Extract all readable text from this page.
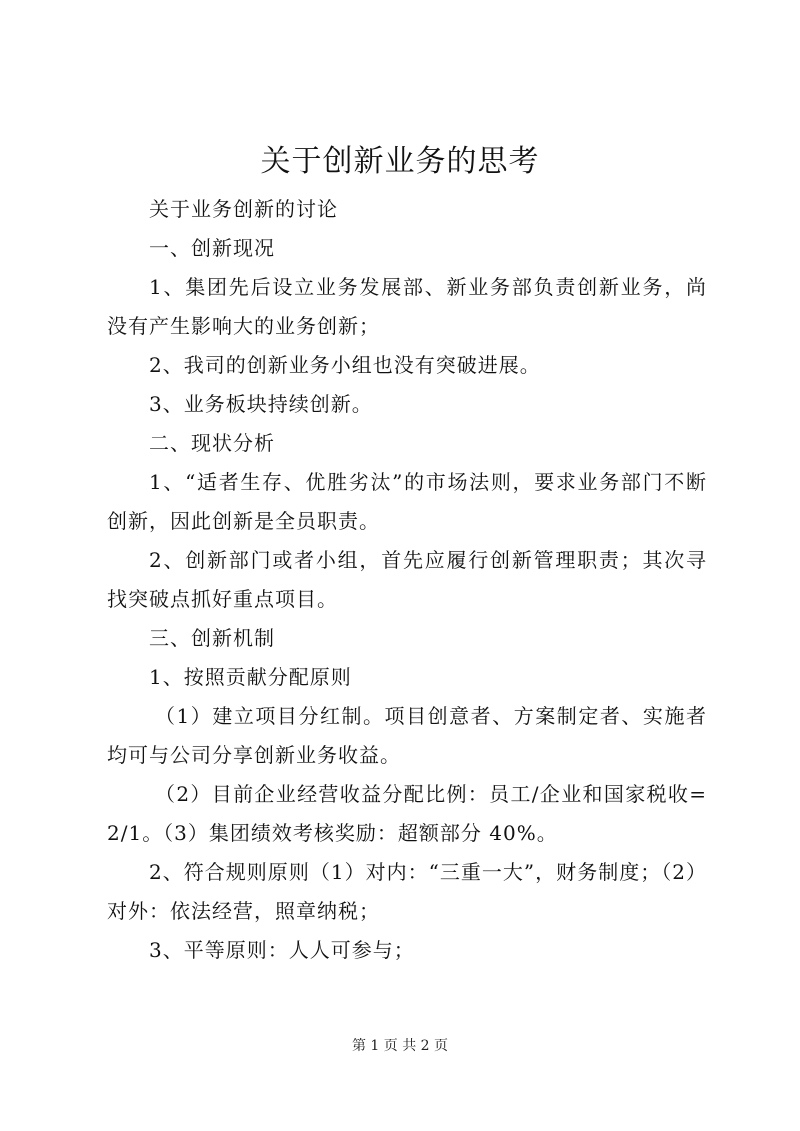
关于创新业务的思考

关于业务创新的讨论

一、创新现况

1、集团先后设立业务发展部、新业务部负责创新业务，尚没有产生影响大的业务创新；

2、我司的创新业务小组也没有突破进展。

3、业务板块持续创新。

二、现状分析

1、“适者生存、优胜劣汰”的市场法则，要求业务部门不断创新，因此创新是全员职责。

2、创新部门或者小组，首先应履行创新管理职责；其次寻找突破点抓好重点项目。

三、创新机制

1、按照贡献分配原则

（1）建立项目分红制。项目创意者、方案制定者、实施者均可与公司分享创新业务收益。

（2）目前企业经营收益分配比例：员工/企业和国家税收=2/1。（3）集团绩效考核奖励：超额部分 40%。

2、符合规则原则（1）对内：“三重一大”，财务制度；（2）对外：依法经营，照章纳税；

3、平等原则：人人可参与；

第 1 页 共 2 页
